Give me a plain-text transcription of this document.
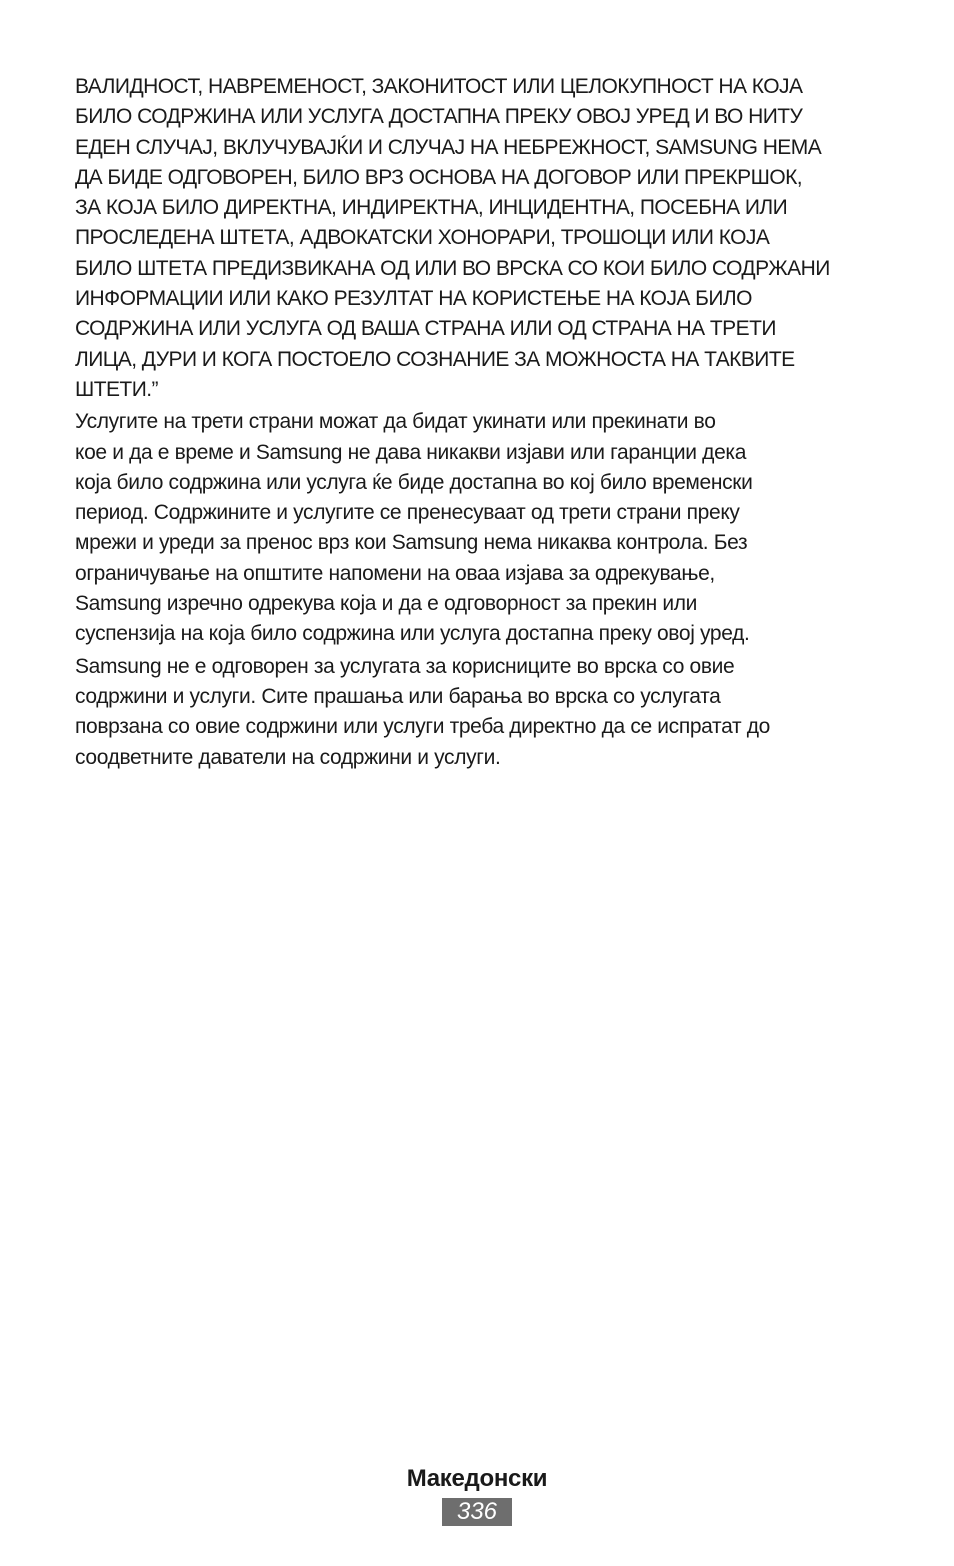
ВАЛИДНОСТ, НАВРЕМЕНОСТ, ЗАКОНИТОСТ ИЛИ ЦЕЛОКУПНОСТ НА КОЈА
БИЛО СОДРЖИНА ИЛИ УСЛУГА ДОСТАПНА ПРЕКУ ОВОЈ УРЕД И ВО НИТУ
ЕДЕН СЛУЧАЈ, ВКЛУЧУВАЈЌИ И СЛУЧАЈ НА НЕБРЕЖНОСТ, SAMSUNG НЕМА
ДА БИДЕ ОДГОВОРЕН, БИЛО ВРЗ ОСНОВА НА ДОГОВОР ИЛИ ПРЕКРШОК,
ЗА КОЈА БИЛО ДИРЕКТНА, ИНДИРЕКТНА, ИНЦИДЕНТНА, ПОСЕБНА ИЛИ
ПРОСЛЕДЕНА ШТЕТА, АДВОКАТСКИ ХОНОРАРИ, ТРОШОЦИ ИЛИ КОЈА
БИЛО ШТЕТА ПРЕДИЗВИКАНА ОД ИЛИ ВО ВРСКА СО КОИ БИЛО СОДРЖАНИ
ИНФОРМАЦИИ ИЛИ КАКО РЕЗУЛТАТ НА КОРИСТЕЊЕ НА КОЈА БИЛО
СОДРЖИНА ИЛИ УСЛУГА ОД ВАША СТРАНА ИЛИ ОД СТРАНА НА ТРЕТИ
ЛИЦА, ДУРИ И КОГА ПОСТОЕЛО СОЗНАНИЕ ЗА МОЖНОСТА НА ТАКВИТЕ
ШТЕТИ.”

Услугите на трети страни можат да бидат укинати или прекинати во
кое и да е време и Samsung не дава никакви изјави или гаранции дека
која било содржина или услуга ќе биде достапна во кој било временски
период. Содржините и услугите се пренесуваат од трети страни преку
мрежи и уреди за пренос врз кои Samsung нема никаква контрола. Без
ограничување на општите напомени на оваа изјава за одрекување,
Samsung изречно одрекува која и да е одговорност за прекин или
суспензија на која било содржина или услуга достапна преку овој уред.

Samsung не е одговорен за услугата за корисниците во врска со овие
содржини и услуги. Сите прашања или барања во врска со услугата
поврзана со овие содржини или услуги треба директно да се испратат до
соодветните даватели на содржини и услуги.

Македонски
336
